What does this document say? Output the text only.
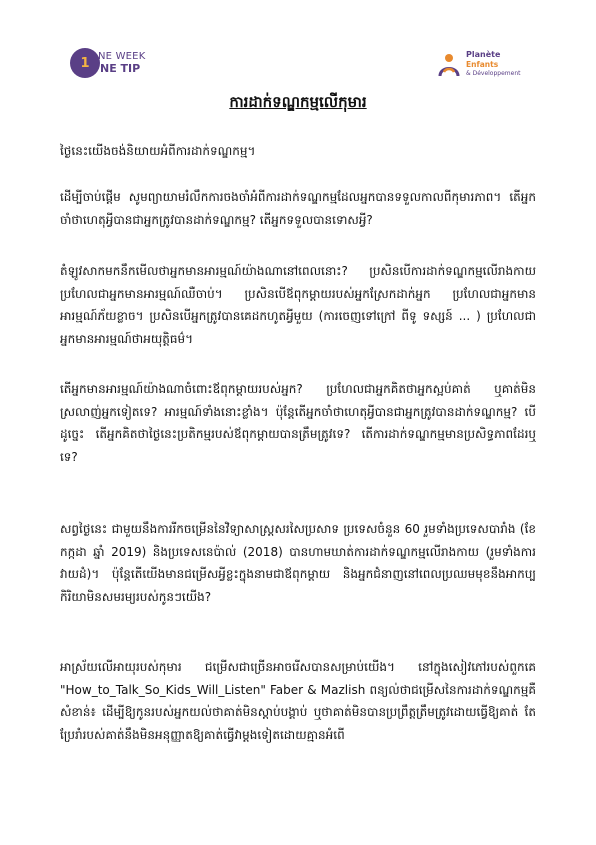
1 NE WEEK
NE TIP
Planète
Enfants
& Développement
ការដាក់ទណ្ឌកម្មលើកុមារ

ថ្ងៃនេះយើងចង់និយាយអំពីការដាក់ទណ្ឌកម្ម។

ដើម្បីចាប់ផ្តើម សូមព្យាយាមរំលឹកការចងចាំអំពីការដាក់ទណ្ឌកម្មដែលអ្នកបានទទួលកាលពីកុមារភាព។ តើអ្នកចាំថាហេតុអ្វីបានជាអ្នកត្រូវបានដាក់ទណ្ឌកម្ម? តើអ្នកទទួលបានទោសអ្វី?

តំឡូវសាកមកនឹកមើលថាអ្នកមានអារម្មណ៍យ៉ាងណានៅពេលនោះ? ប្រសិនបើការដាក់ទណ្ឌកម្មលើរាងកាយ ប្រហែលជាអ្នកមានអារម្មណ៍ឈឺចាប់។ ប្រសិនបើឪពុកម្តាយរបស់អ្នកស្រែកដាក់អ្នក ប្រហែលជាអ្នកមានអារម្មណ៍ភ័យខ្លាច។ ប្រសិនបើអ្នកត្រូវបានគេដកហូតអ្វីមួយ (ការចេញទៅក្រៅ ពីទូ ទស្សន៍ ... ) ប្រហែលជាអ្នកមានអារម្មណ៍ថាអយុត្តិធម៌។

តើអ្នកមានអារម្មណ៍យ៉ាងណាចំពោះឪពុកម្តាយរបស់អ្នក? ប្រហែលជាអ្នកគិតថាអ្នកស្អប់គាត់ ឬគាត់មិនស្រលាញ់អ្នកទៀតទេ? អារម្មណ៍ទាំងនោះខ្លាំង។ ប៉ុន្តែតើអ្នកចាំថាហេតុអ្វីបានជាអ្នកត្រូវបានដាក់ទណ្ឌកម្ម? បើដូច្នេះ តើអ្នកគិតថាថ្ងៃនេះប្រតិកម្មរបស់ឪពុកម្តាយបានត្រឹមត្រូវទេ? តើការដាក់ទណ្ឌកម្មមានប្រសិទ្ធភាពដែរឬទេ?

សព្វថ្ងៃនេះ ជាមួយនឹងការរីកចម្រើននៃវិទ្យាសាស្ត្រសរសៃប្រសាទ ប្រទេសចំនួន 60 រួមទាំងប្រទេសបារាំង (ខែកក្កដា ឆ្នាំ 2019) និងប្រទេសនេប៉ាល់ (2018) បានហាមឃាត់ការដាក់ទណ្ឌកម្មលើរាងកាយ (រួមទាំងការវាយដំ)។ ប៉ុន្តែតើយើងមានជម្រើសអ្វីខ្លះក្នុងនាមជាឪពុកម្តាយ និងអ្នកជំនាញនៅពេលប្រឈមមុខនឹងអាកប្បកិរិយាមិនសមរម្យរបស់កូនៗយើង?

អាស្រ័យលើអាយុរបស់កុមារ ជម្រើសជាច្រើនអាចរើសបានសម្រាប់យើង។ នៅក្នុងសៀវភៅរបស់ពួកគេ "How_to_Talk_So_Kids_Will_Listen" Faber & Mazlish ពន្យល់ថាជម្រើសនៃការដាក់ទណ្ឌកម្មគឺសំខាន់៖ ដើម្បីឱ្យកូនរបស់អ្នកយល់ថាគាត់មិនស្តាប់បង្គាប់ ឬថាគាត់មិនបានប្រព្រឹត្តត្រឹមត្រូវដោយធ្វើឱ្យគាត់ តែប្រែរាំរបស់គាត់នឹងមិនអនុញ្ញាតឱ្យគាត់ធ្វើវាម្តងទៀតដោយគ្មានអំពើ
